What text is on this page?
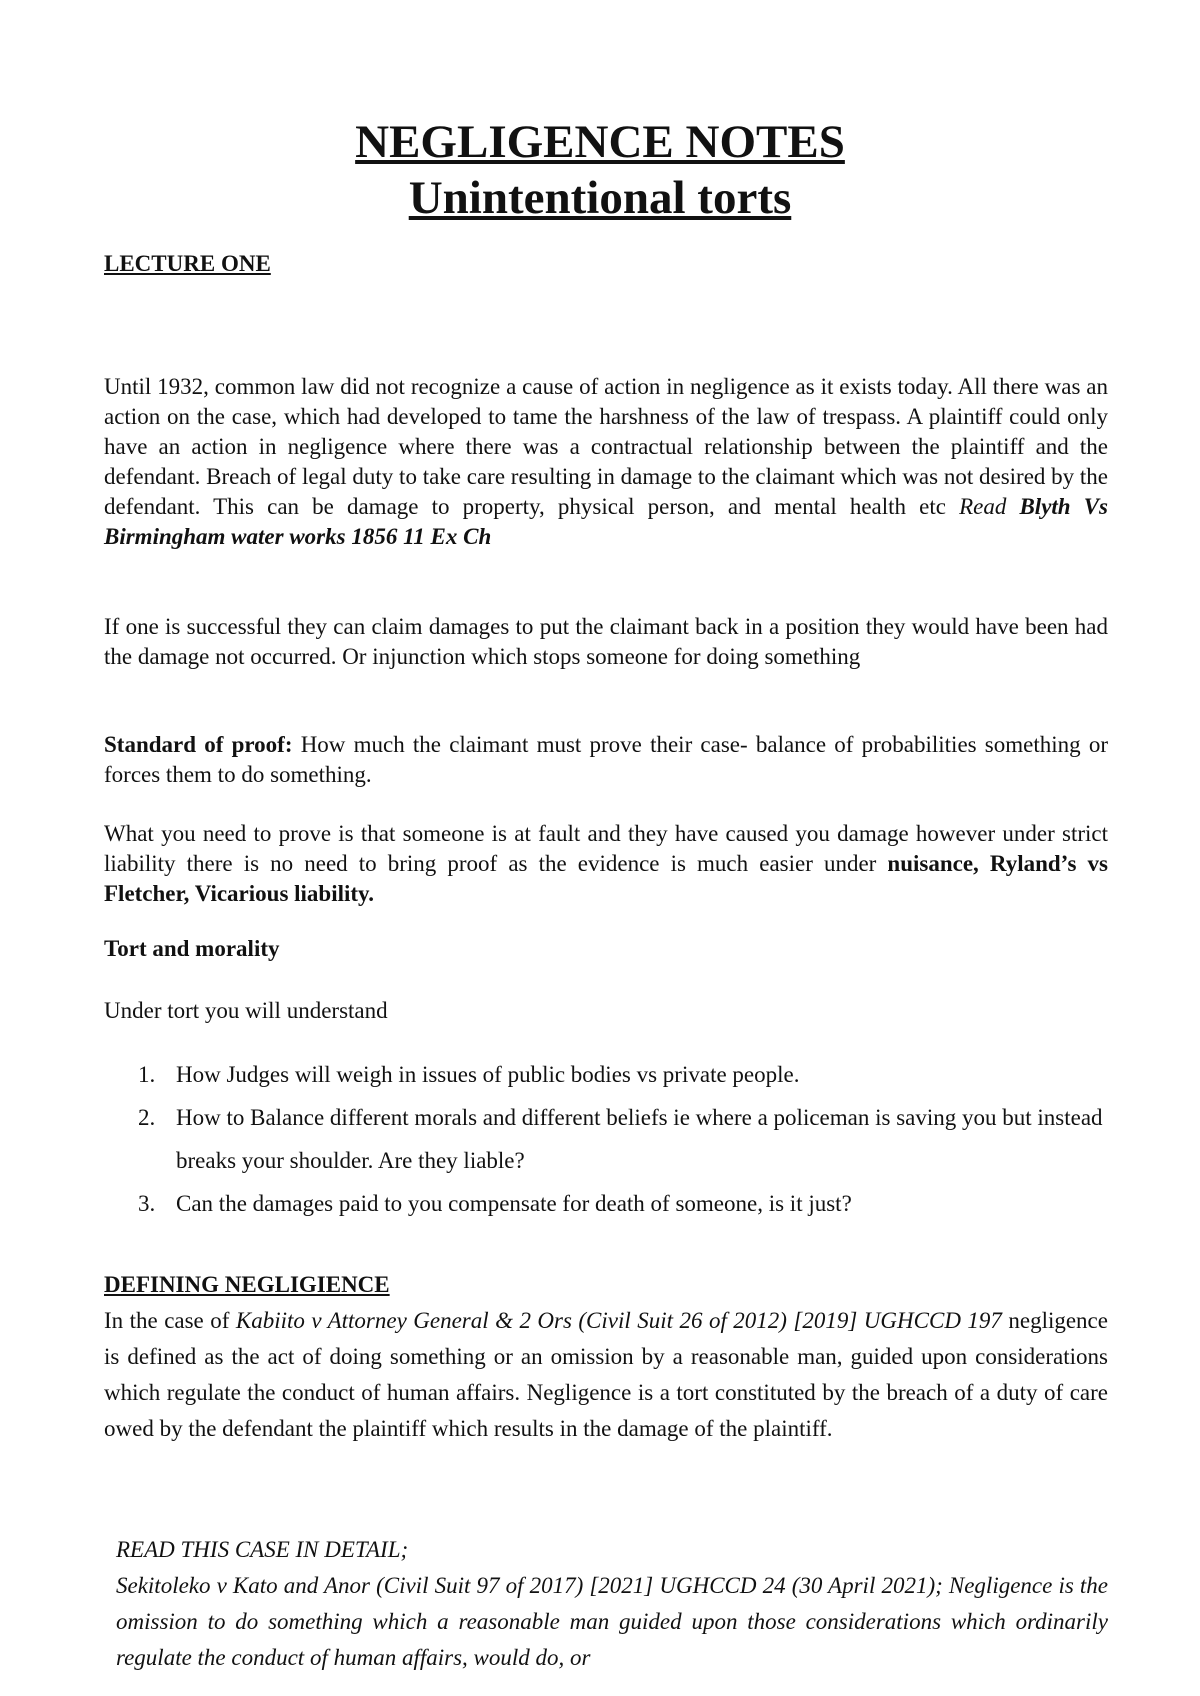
NEGLIGENCE NOTES
Unintentional torts

LECTURE ONE

Until 1932, common law did not recognize a cause of action in negligence as it exists today. All there was an action on the case, which had developed to tame the harshness of the law of trespass. A plaintiff could only have an action in negligence where there was a contractual relationship between the plaintiff and the defendant. Breach of legal duty to take care resulting in damage to the claimant which was not desired by the defendant. This can be damage to property, physical person, and mental health etc Read Blyth Vs Birmingham water works 1856 11 Ex Ch

If one is successful they can claim damages to put the claimant back in a position they would have been had the damage not occurred. Or injunction which stops someone for doing something

Standard of proof: How much the claimant must prove their case- balance of probabilities something or forces them to do something.

What you need to prove is that someone is at fault and they have caused you damage however under strict liability there is no need to bring proof as the evidence is much easier under nuisance, Ryland’s vs Fletcher, Vicarious liability.

Tort and morality

Under tort you will understand

1. How Judges will weigh in issues of public bodies vs private people.
2. How to Balance different morals and different beliefs ie where a policeman is saving you but instead breaks your shoulder. Are they liable?
3. Can the damages paid to you compensate for death of someone, is it just?

DEFINING NEGLIGIENCE

In the case of Kabiito v Attorney General & 2 Ors (Civil Suit 26 of 2012) [2019] UGHCCD 197 negligence is defined as the act of doing something or an omission by a reasonable man, guided upon considerations which regulate the conduct of human affairs. Negligence is a tort constituted by the breach of a duty of care owed by the defendant the plaintiff which results in the damage of the plaintiff.

READ THIS CASE IN DETAIL;
Sekitoleko v Kato and Anor (Civil Suit 97 of 2017) [2021] UGHCCD 24 (30 April 2021); Negligence is the omission to do something which a reasonable man guided upon those considerations which ordinarily regulate the conduct of human affairs, would do, or
